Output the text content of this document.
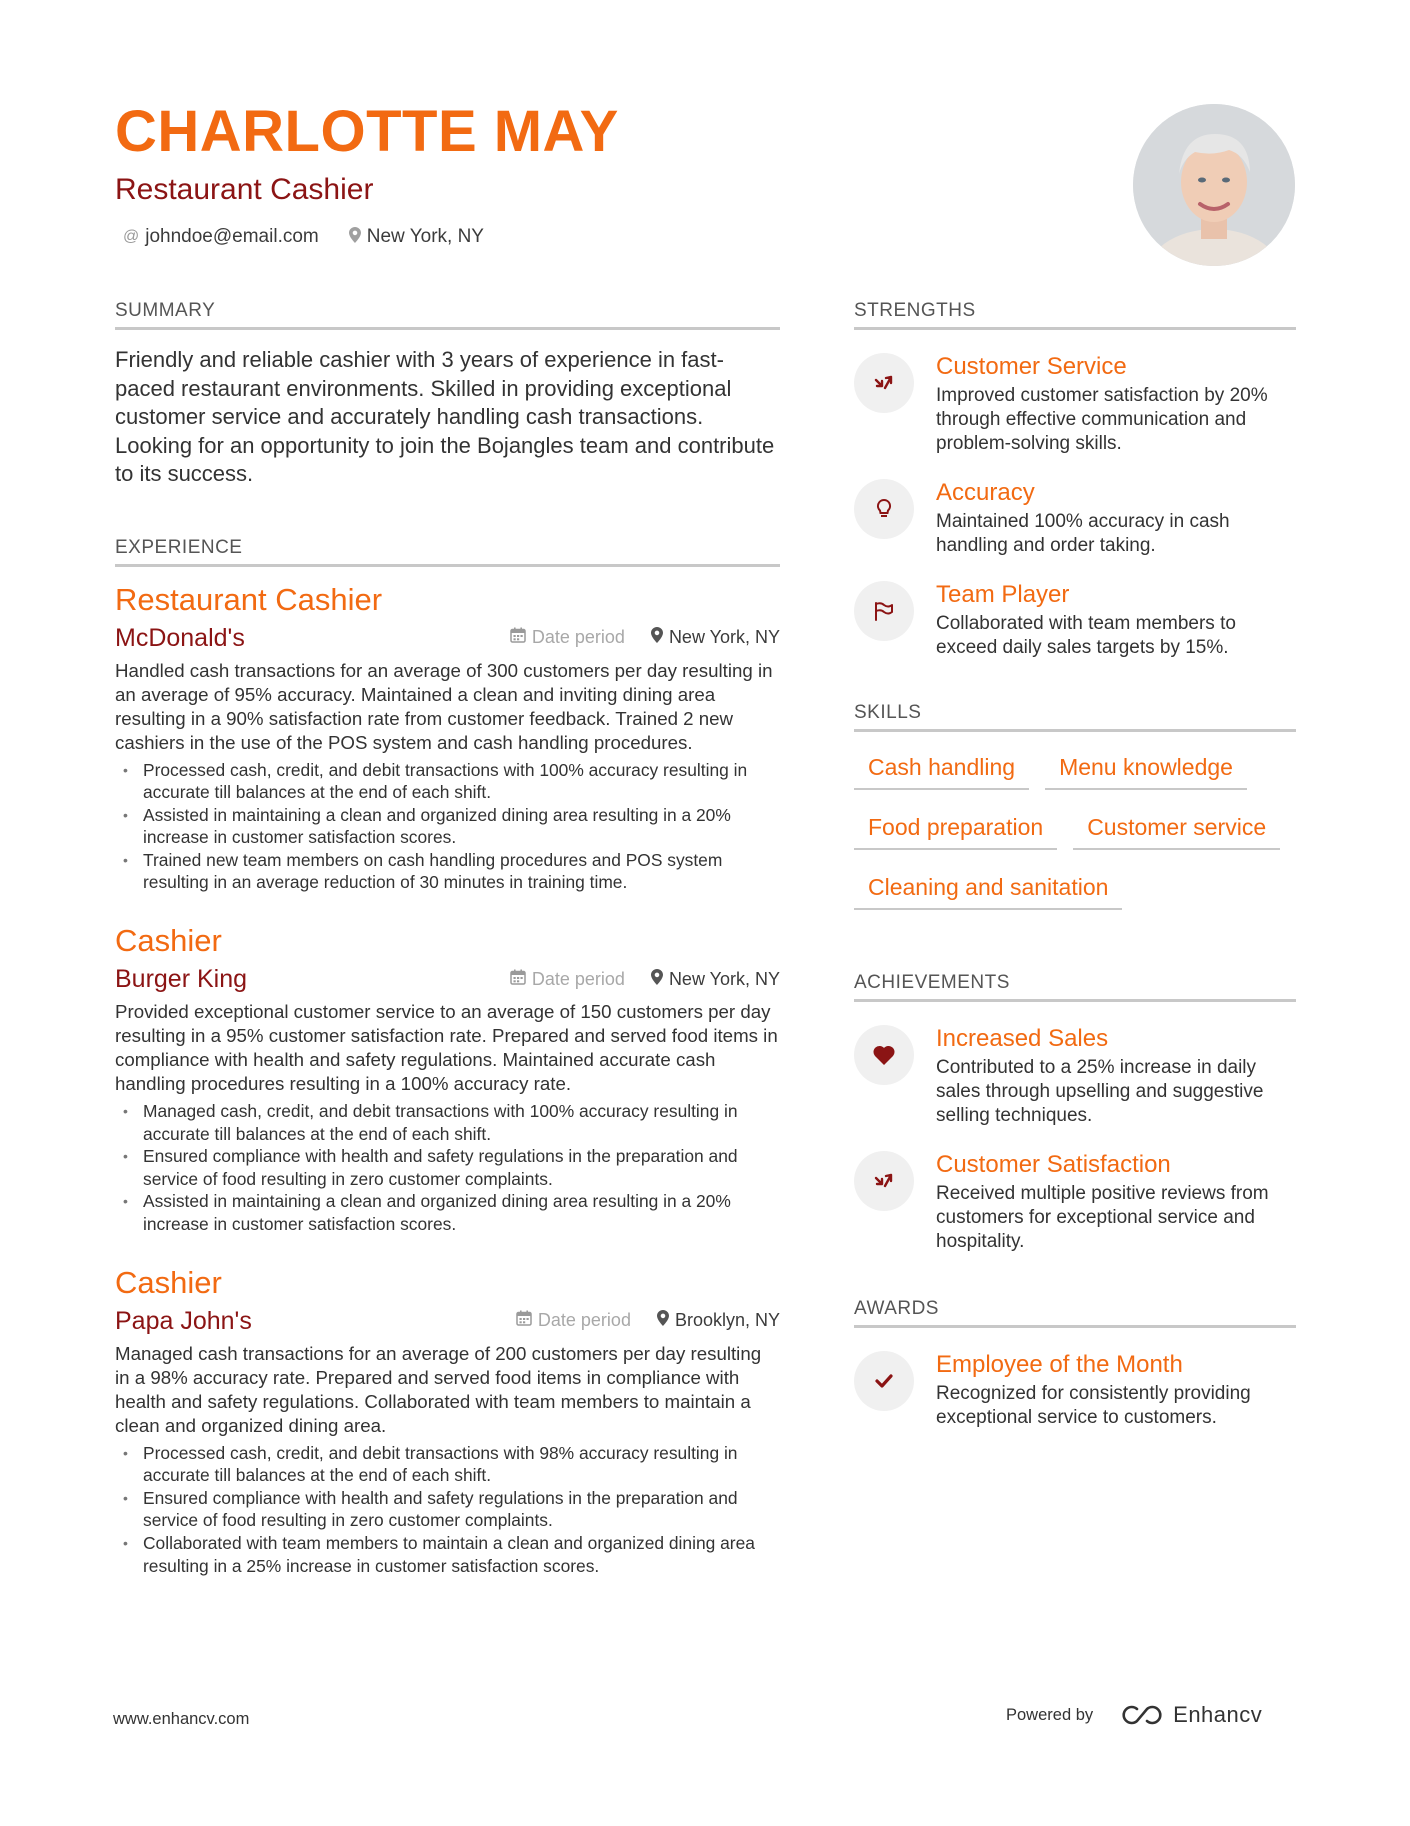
CHARLOTTE MAY
Restaurant Cashier
@ johndoe@email.com	New York, NY
SUMMARY
Friendly and reliable cashier with 3 years of experience in fast-paced restaurant environments. Skilled in providing exceptional customer service and accurately handling cash transactions. Looking for an opportunity to join the Bojangles team and contribute to its success.
EXPERIENCE
Restaurant Cashier
McDonald's	Date period New York, NY
Handled cash transactions for an average of 300 customers per day resulting in an average of 95% accuracy. Maintained a clean and inviting dining area resulting in a 90% satisfaction rate from customer feedback. Trained 2 new cashiers in the use of the POS system and cash handling procedures.
• Processed cash, credit, and debit transactions with 100% accuracy resulting in accurate till balances at the end of each shift.
• Assisted in maintaining a clean and organized dining area resulting in a 20% increase in customer satisfaction scores.
• Trained new team members on cash handling procedures and POS system resulting in an average reduction of 30 minutes in training time.
Cashier
Burger King	Date period New York, NY
Provided exceptional customer service to an average of 150 customers per day resulting in a 95% customer satisfaction rate. Prepared and served food items in compliance with health and safety regulations. Maintained accurate cash handling procedures resulting in a 100% accuracy rate.
• Managed cash, credit, and debit transactions with 100% accuracy resulting in accurate till balances at the end of each shift.
• Ensured compliance with health and safety regulations in the preparation and service of food resulting in zero customer complaints.
• Assisted in maintaining a clean and organized dining area resulting in a 20% increase in customer satisfaction scores.
Cashier
Papa John's	Date period Brooklyn, NY
Managed cash transactions for an average of 200 customers per day resulting in a 98% accuracy rate. Prepared and served food items in compliance with health and safety regulations. Collaborated with team members to maintain a clean and organized dining area.
• Processed cash, credit, and debit transactions with 98% accuracy resulting in accurate till balances at the end of each shift.
• Ensured compliance with health and safety regulations in the preparation and service of food resulting in zero customer complaints.
• Collaborated with team members to maintain a clean and organized dining area resulting in a 25% increase in customer satisfaction scores.
STRENGTHS
Customer Service
Improved customer satisfaction by 20% through effective communication and problem-solving skills.
Accuracy
Maintained 100% accuracy in cash handling and order taking.
Team Player
Collaborated with team members to exceed daily sales targets by 15%.
SKILLS
Cash handling	Menu knowledge
Food preparation	Customer service
Cleaning and sanitation
ACHIEVEMENTS
Increased Sales
Contributed to a 25% increase in daily sales through upselling and suggestive selling techniques.
Customer Satisfaction
Received multiple positive reviews from customers for exceptional service and hospitality.
AWARDS
Employee of the Month
Recognized for consistently providing exceptional service to customers.
www.enhancv.com	Powered by	Enhancv
